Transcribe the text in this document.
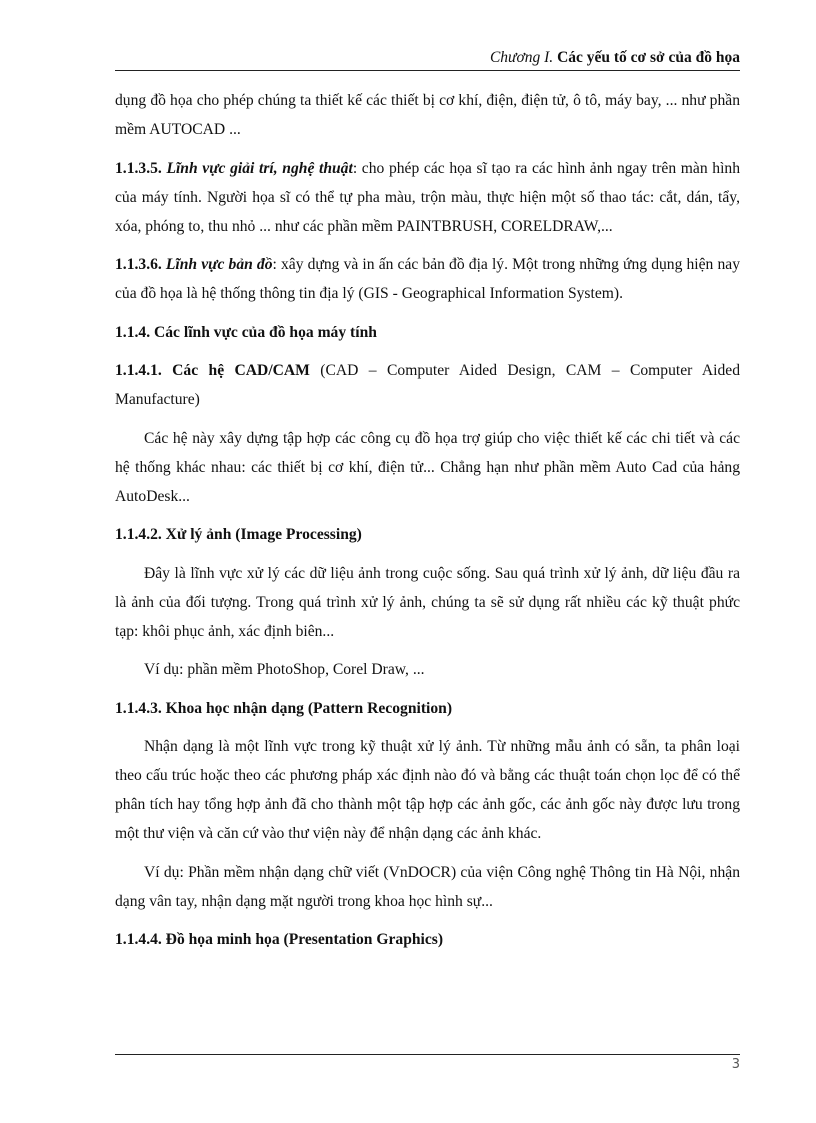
Chương I. Các yếu tố cơ sở của đồ họa

dụng đồ họa cho phép chúng ta thiết kế các thiết bị cơ khí, điện, điện tử, ô tô, máy bay, ... như phần mềm AUTOCAD ...

1.1.3.5. Lĩnh vực giải trí, nghệ thuật: cho phép các họa sĩ tạo ra các hình ảnh ngay trên màn hình của máy tính. Người họa sĩ có thể tự pha màu, trộn màu, thực hiện một số thao tác: cắt, dán, tẩy, xóa, phóng to, thu nhỏ ... như các phần mềm PAINTBRUSH, CORELDRAW,...

1.1.3.6. Lĩnh vực bản đồ: xây dựng và in ấn các bản đồ địa lý. Một trong những ứng dụng hiện nay của đồ họa là hệ thống thông tin địa lý (GIS - Geographical Information System).

1.1.4. Các lĩnh vực của đồ họa máy tính

1.1.4.1. Các hệ CAD/CAM (CAD – Computer Aided Design, CAM – Computer Aided Manufacture)

Các hệ này xây dựng tập hợp các công cụ đồ họa trợ giúp cho việc thiết kế các chi tiết và các hệ thống khác nhau: các thiết bị cơ khí, điện tử... Chẳng hạn như phần mềm Auto Cad của hảng AutoDesk...

1.1.4.2. Xử lý ảnh (Image Processing)

Đây là lĩnh vực xử lý các dữ liệu ảnh trong cuộc sống. Sau quá trình xử lý ảnh, dữ liệu đầu ra là ảnh của đối tượng. Trong quá trình xử lý ảnh, chúng ta sẽ sử dụng rất nhiều các kỹ thuật phức tạp: khôi phục ảnh, xác định biên...

Ví dụ: phần mềm PhotoShop, Corel Draw, ...

1.1.4.3. Khoa học nhận dạng (Pattern Recognition)

Nhận dạng là một lĩnh vực trong kỹ thuật xử lý ảnh. Từ những mẫu ảnh có sẵn, ta phân loại theo cấu trúc hoặc theo các phương pháp xác định nào đó và bằng các thuật toán chọn lọc để có thể phân tích hay tổng hợp ảnh đã cho thành một tập hợp các ảnh gốc, các ảnh gốc này được lưu trong một thư viện và căn cứ vào thư viện này để nhận dạng các ảnh khác.

Ví dụ: Phần mềm nhận dạng chữ viết (VnDOCR) của viện Công nghệ Thông tin Hà Nội, nhận dạng vân tay, nhận dạng mặt người trong khoa học hình sự...

1.1.4.4. Đồ họa minh họa (Presentation Graphics)

3
